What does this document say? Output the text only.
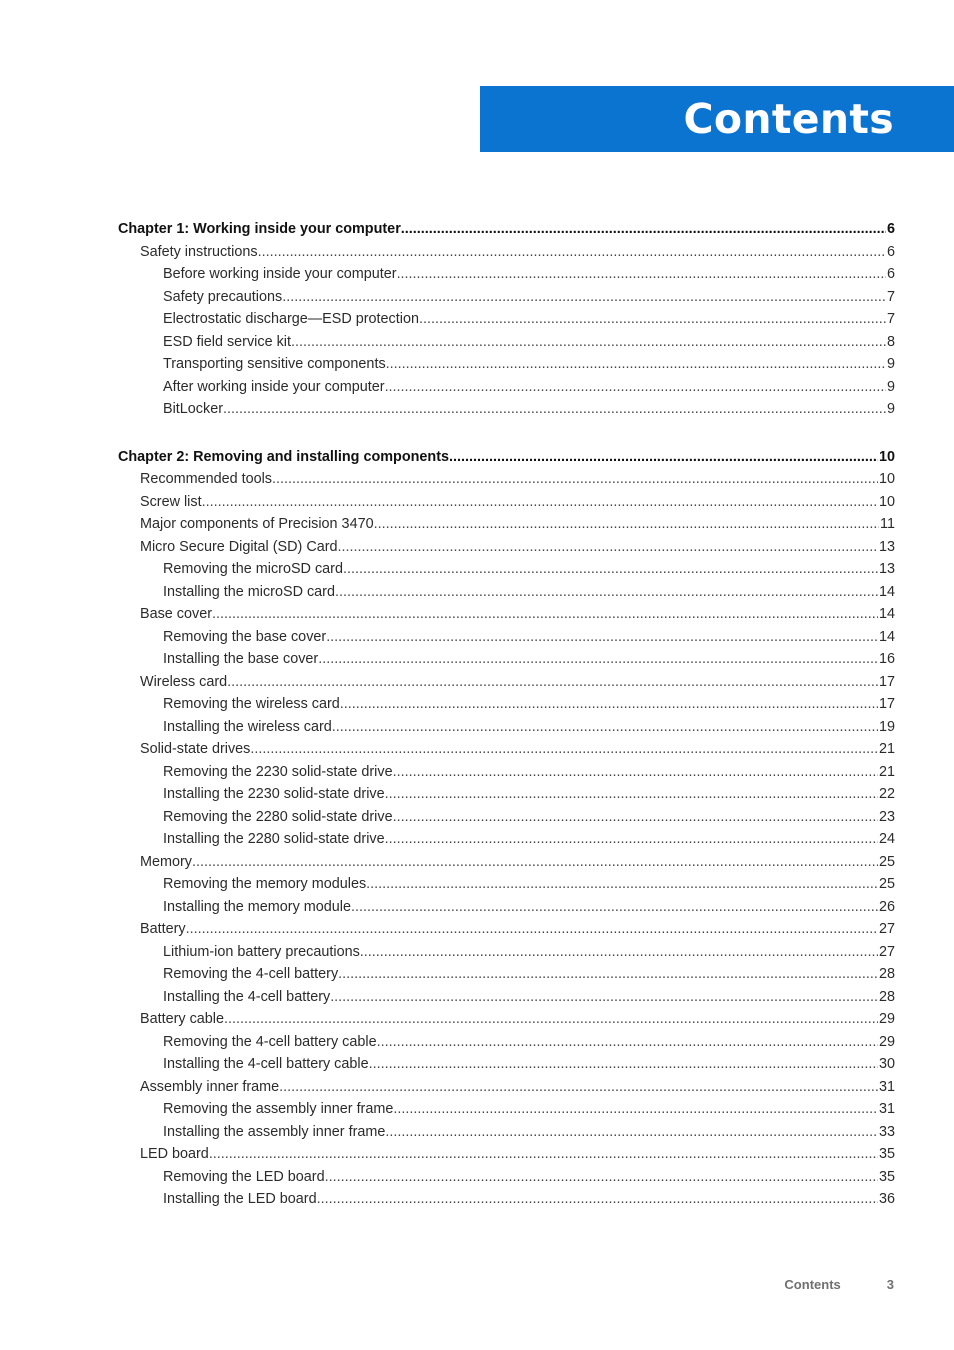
Contents
Chapter 1: Working inside your computer .....	6
Safety instructions .....	6
Before working inside your computer .....	6
Safety precautions .....	7
Electrostatic discharge—ESD protection .....	7
ESD field service kit .....	8
Transporting sensitive components .....	9
After working inside your computer .....	9
BitLocker .....	9
Chapter 2: Removing and installing components .....	10
Recommended tools .....	10
Screw list .....	10
Major components of Precision 3470 .....	11
Micro Secure Digital (SD) Card .....	13
Removing the microSD card .....	13
Installing the microSD card .....	14
Base cover .....	14
Removing the base cover .....	14
Installing the base cover .....	16
Wireless card .....	17
Removing the wireless card .....	17
Installing the wireless card .....	19
Solid-state drives .....	21
Removing the 2230 solid-state drive .....	21
Installing the 2230 solid-state drive .....	22
Removing the 2280 solid-state drive .....	23
Installing the 2280 solid-state drive .....	24
Memory .....	25
Removing the memory modules .....	25
Installing the memory module .....	26
Battery .....	27
Lithium-ion battery precautions .....	27
Removing the 4-cell battery .....	28
Installing the 4-cell battery .....	28
Battery cable .....	29
Removing the 4-cell battery cable .....	29
Installing the 4-cell battery cable .....	30
Assembly inner frame .....	31
Removing the assembly inner frame .....	31
Installing the assembly inner frame .....	33
LED board .....	35
Removing the LED board .....	35
Installing the LED board .....	36
Contents	3
